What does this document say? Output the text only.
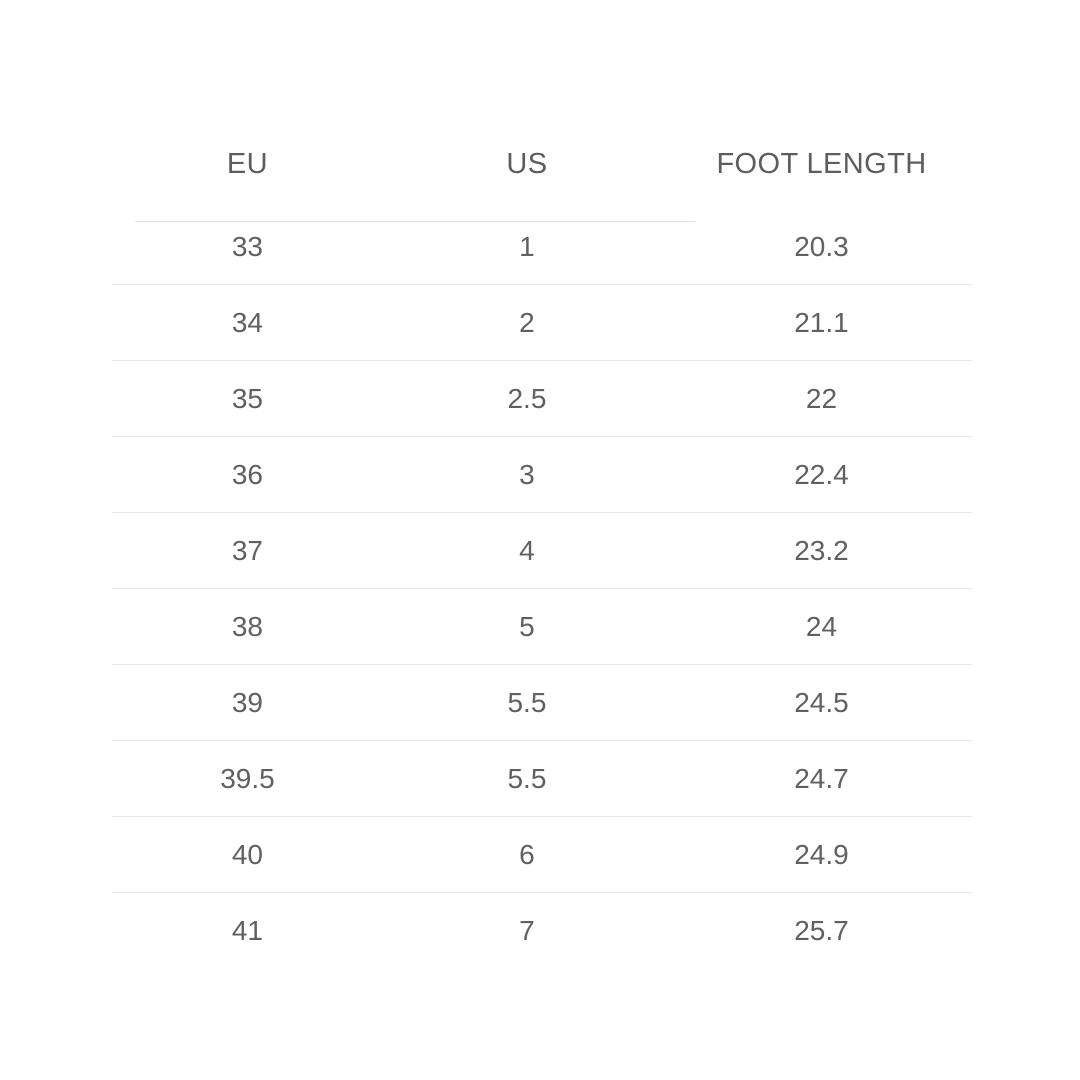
EU	US	FOOT LENGTH
33	1	20.3
34	2	21.1
35	2.5	22
36	3	22.4
37	4	23.2
38	5	24
39	5.5	24.5
39.5	5.5	24.7
40	6	24.9
41	7	25.7
